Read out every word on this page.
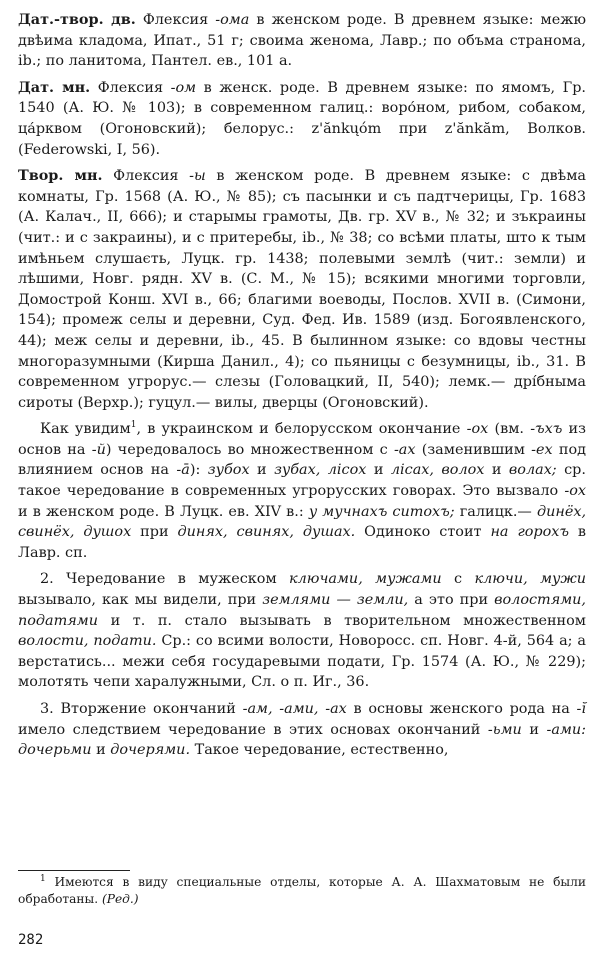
Дат.-твор. дв. Флексия -ома в женском роде. В древнем языке: межю двѣима кладома, Ипат., 51 г; своима женома, Лавр.; по объма странома, ib.; по ланитома, Пантел. ев., 101 а.

Дат. мн. Флексия -ом в женск. роде. В древнем языке: по ямомъ, Гр. 1540 (А. Ю. № 103); в современном галиц.: воро́ном, рибом, собаком, ца́рквом (Огоновский); белорус.: z'ănkųóm при z'ănkăm, Волков. (Federowski, I, 56).

Твор. мн. Флексия -ы в женском роде. В древнем языке: с двѣма комнаты, Гр. 1568 (А. Ю., № 85); съ пасынки и съ падтчерицы, Гр. 1683 (А. Калач., II, 666); и старымы грамоты, Дв. гр. XV в., № 32; и зъкраины (чит.: и с закраины), и с притеребы, ib., № 38; со всѣми платы, што к тым имѣньем слушаєть, Луцк. гр. 1438; полевыми землѣ (чит.: земли) и лѣшими, Новг. рядн. XV в. (С. М., № 15); всякими многими торговли, Домострой Конш. XVI в., 66; благими воеводы, Послов. XVII в. (Симони, 154); промеж селы и деревни, Суд. Фед. Ив. 1589 (изд. Богоявленского, 44); меж селы и деревни, ib., 45. В былинном языке: со вдовы честны многоразумными (Кирша Данил., 4); со пьяницы с безумницы, ib., 31. В современном угрорус.— слезы (Головацкий, II, 540); лемк.— дрі́бныма сироты (Верхр.); гуцул.— вилы, дверцы (Огоновский).

Как увидим$^1$, в украинском и белорусском окончание -ох (вм. -ъхъ из основ на -й) чередовалось во множественном с -ах (заменившим -ех под влиянием основ на -ā): зубох и зубах, лісох и лісах, волох и волах; ср. такое чередование в современных угрорусских говорах. Это вызвало -ох и в женском роде. В Луцк. ев. XIV в.: у мучнахъ ситохъ; галицк.— динëх, свинëх, душох при динях, свинях, душах. Одиноко стоит на горохъ в Лавр. сп.

2. Чередование в мужеском ключами, мужами с ключи, мужи вызывало, как мы видели, при землями — земли, а это при волостями, податями и т. п. стало вызывать в творительном множественном волости, подати. Ср.: со всими волости, Новоросс. сп. Новг. 4-й, 564 а; а верстатись... межи себя государевыми подати, Гр. 1574 (А. Ю., № 229); молотять чепи харалужными, Сл. о п. Иг., 36.

3. Вторжение окончаний -ам, -ами, -ах в основы женского рода на -ĭ имело следствием чередование в этих основах окончаний -ьми и -ами: дочерьми и дочерями. Такое чередование, естественно,

$^1$ Имеются в виду специальные отделы, которые А. А. Шахматовым не были обработаны. (Ред.)
282
